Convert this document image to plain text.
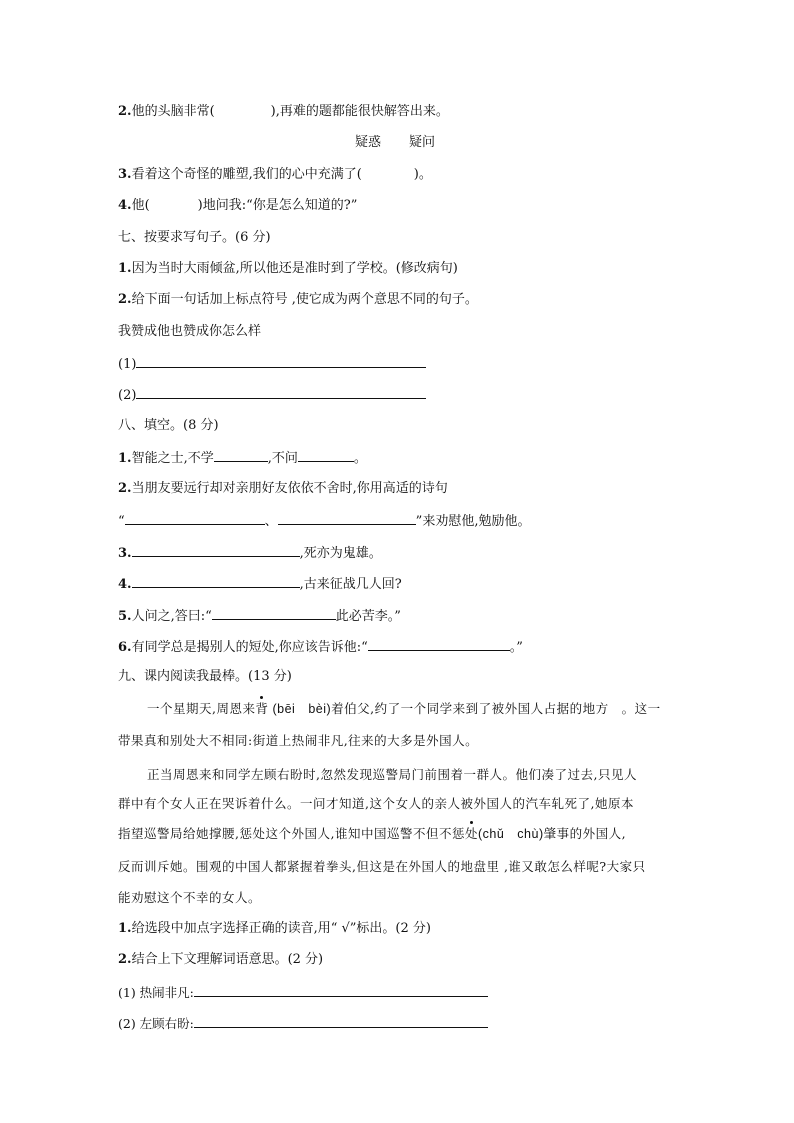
2.他的头脑非常(	),再难的题都能很快解答出来。
疑惑 疑问
3.看着这个奇怪的雕塑,我们的心中充满了(	)。
4.他(	)地问我:“你是怎么知道的?”
七、按要求写句子。(6 分)
1.因为当时大雨倾盆,所以他还是准时到了学校。(修改病句)
2.给下面一句话加上标点符号 ,使它成为两个意思不同的句子。
我赞成他也赞成你怎么样
(1)
(2)
八、填空。(8 分)
1.智能之士,不学	,不问	。
2.当朋友要远行却对亲朋好友依依不舍时,你用高适的诗句
“	、	”来劝慰他,勉励他。
3.	,死亦为鬼雄。
4.	,古来征战几人回?
5.人问之,答曰:“	此必苦李。”
6.有同学总是揭别人的短处,你应该告诉他:“	。”
九、课内阅读我最棒。(13 分)
一个星期天,周恩来背 (bēi　bèi)着伯父,约了一个同学来到了被外国人占据的地方　。这一
带果真和别处大不相同:街道上热闹非凡,往来的大多是外国人。
正当周恩来和同学左顾右盼时,忽然发现巡警局门前围着一群人。他们凑了过去,只见人
群中有个女人正在哭诉着什么。一问才知道,这个女人的亲人被外国人的汽车轧死了,她原本
指望巡警局给她撑腰,惩处这个外国人,谁知中国巡警不但不惩处(chǔ　chù)肇事的外国人,
反而训斥她。围观的中国人都紧握着拳头,但这是在外国人的地盘里 ,谁又敢怎么样呢?大家只
能劝慰这个不幸的女人。
1.给选段中加点字选择正确的读音,用“ √”标出。(2 分)
2.结合上下文理解词语意思。(2 分)
(1) 热闹非凡:
(2) 左顾右盼:
